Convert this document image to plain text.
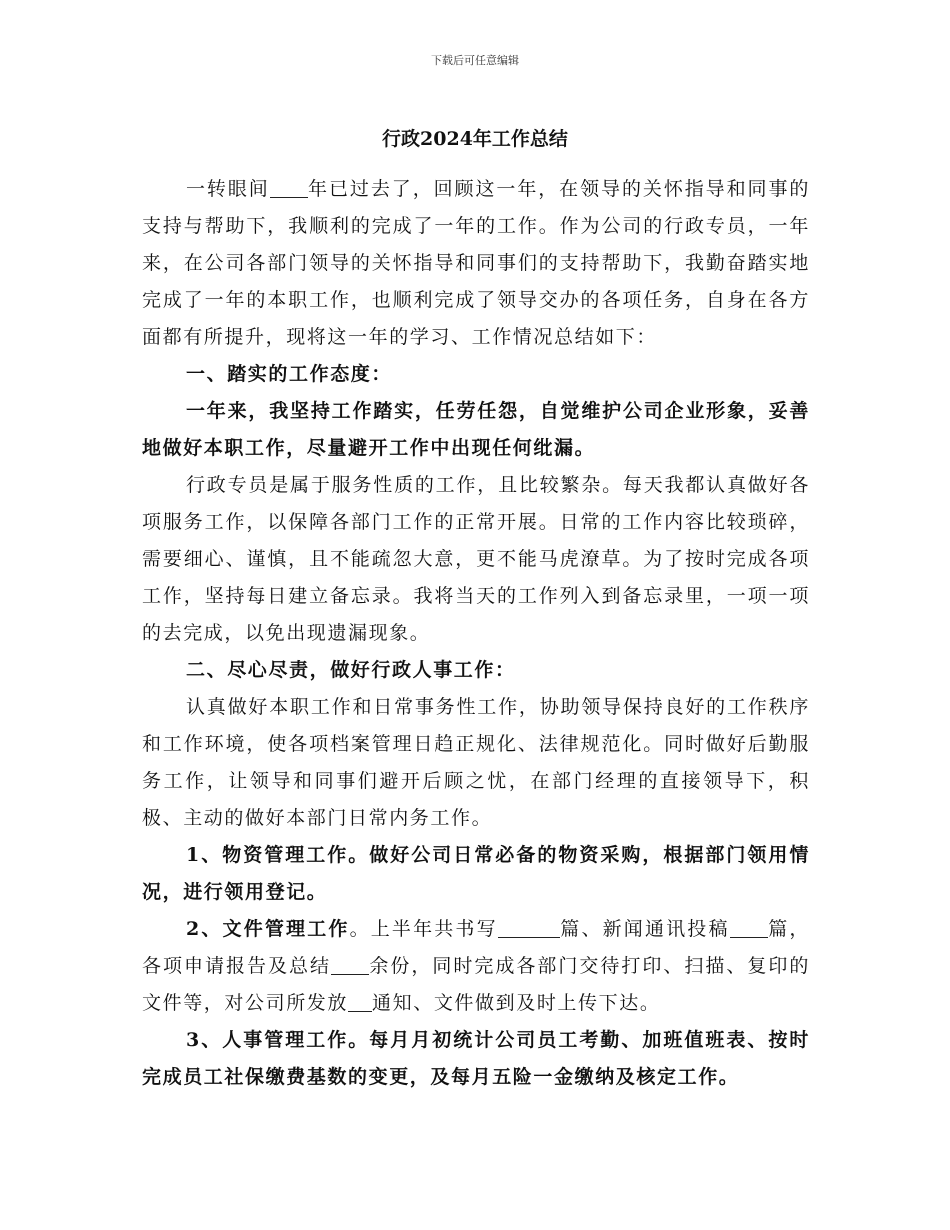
下载后可任意编辑
行政2024年工作总结

一转眼间 年已过去了，回顾这一年，在领导的关怀指导和同事的支持与帮助下，我顺利的完成了一年的工作。作为公司的行政专员，一年来，在公司各部门领导的关怀指导和同事们的支持帮助下，我勤奋踏实地完成了一年的本职工作，也顺利完成了领导交办的各项任务，自身在各方面都有所提升，现将这一年的学习、工作情况总结如下：

一、踏实的工作态度：

一年来，我坚持工作踏实，任劳任怨，自觉维护公司企业形象，妥善地做好本职工作，尽量避开工作中出现任何纰漏。

行政专员是属于服务性质的工作，且比较繁杂。每天我都认真做好各项服务工作，以保障各部门工作的正常开展。日常的工作内容比较琐碎，需要细心、谨慎，且不能疏忽大意，更不能马虎潦草。为了按时完成各项工作，坚持每日建立备忘录。我将当天的工作列入到备忘录里，一项一项的去完成，以免出现遗漏现象。

二、尽心尽责，做好行政人事工作：

认真做好本职工作和日常事务性工作，协助领导保持良好的工作秩序和工作环境，使各项档案管理日趋正规化、法律规范化。同时做好后勤服务工作，让领导和同事们避开后顾之忧，在部门经理的直接领导下，积极、主动的做好本部门日常内务工作。

1、物资管理工作。做好公司日常必备的物资采购，根据部门领用情况，进行领用登记。

2、文件管理工作。上半年共书写	篇、新闻通讯投稿 篇，各项申请报告及总结 余份，同时完成各部门交待打印、扫描、复印的文件等，对公司所发放 通知、文件做到及时上传下达。

3、人事管理工作。每月月初统计公司员工考勤、加班值班表、按时完成员工社保缴费基数的变更，及每月五险一金缴纳及核定工作。
